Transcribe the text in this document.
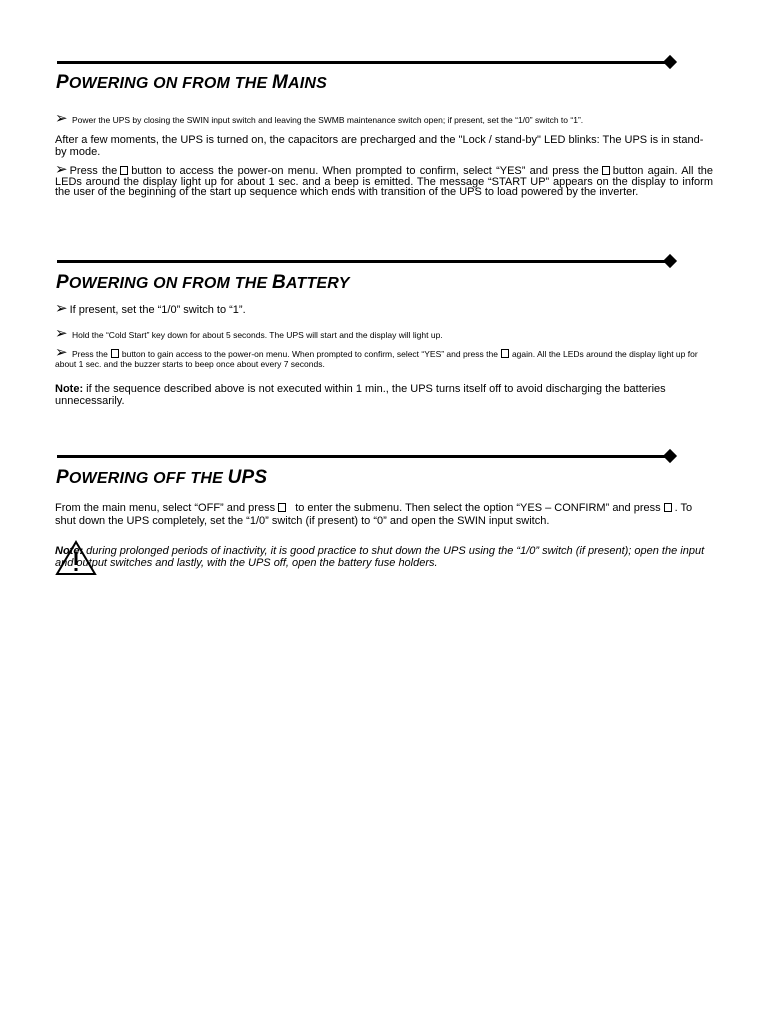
POWERING ON FROM THE MAINS
➢ Power the UPS by closing the SWIN input switch and leaving the SWMB maintenance switch open; if present, set the “1/0” switch to “1”.
After a few moments, the UPS is turned on, the capacitors are precharged and the "Lock / stand-by" LED blinks: The UPS is in stand-by mode.
➢ Press the button to access the power-on menu. When prompted to confirm, select “YES” and press the button again. All the LEDs around the display light up for about 1 sec. and a beep is emitted. The message “START UP” appears on the display to inform the user of the beginning of the start up sequence which ends with transition of the UPS to load powered by the inverter.
POWERING ON FROM THE BATTERY
➢ If present, set the “1/0” switch to “1”.
➢ Hold the “Cold Start” key down for about 5 seconds. The UPS will start and the display will light up.
➢ Press the button to gain access to the power-on menu. When prompted to confirm, select “YES” and press the again. All the LEDs around the display light up for about 1 sec. and the buzzer starts to beep once about every 7 seconds.
Note: if the sequence described above is not executed within 1 min., the UPS turns itself off to avoid discharging the batteries unnecessarily.
POWERING OFF THE UPS
From the main menu, select “OFF” and press to enter the submenu. Then select the option “YES – CONFIRM” and press . To shut down the UPS completely, set the “1/0” switch (if present) to “0” and open the SWIN input switch.
Note: during prolonged periods of inactivity, it is good practice to shut down the UPS using the “1/0” switch (if present); open the input and output switches and lastly, with the UPS off, open the battery fuse holders.
